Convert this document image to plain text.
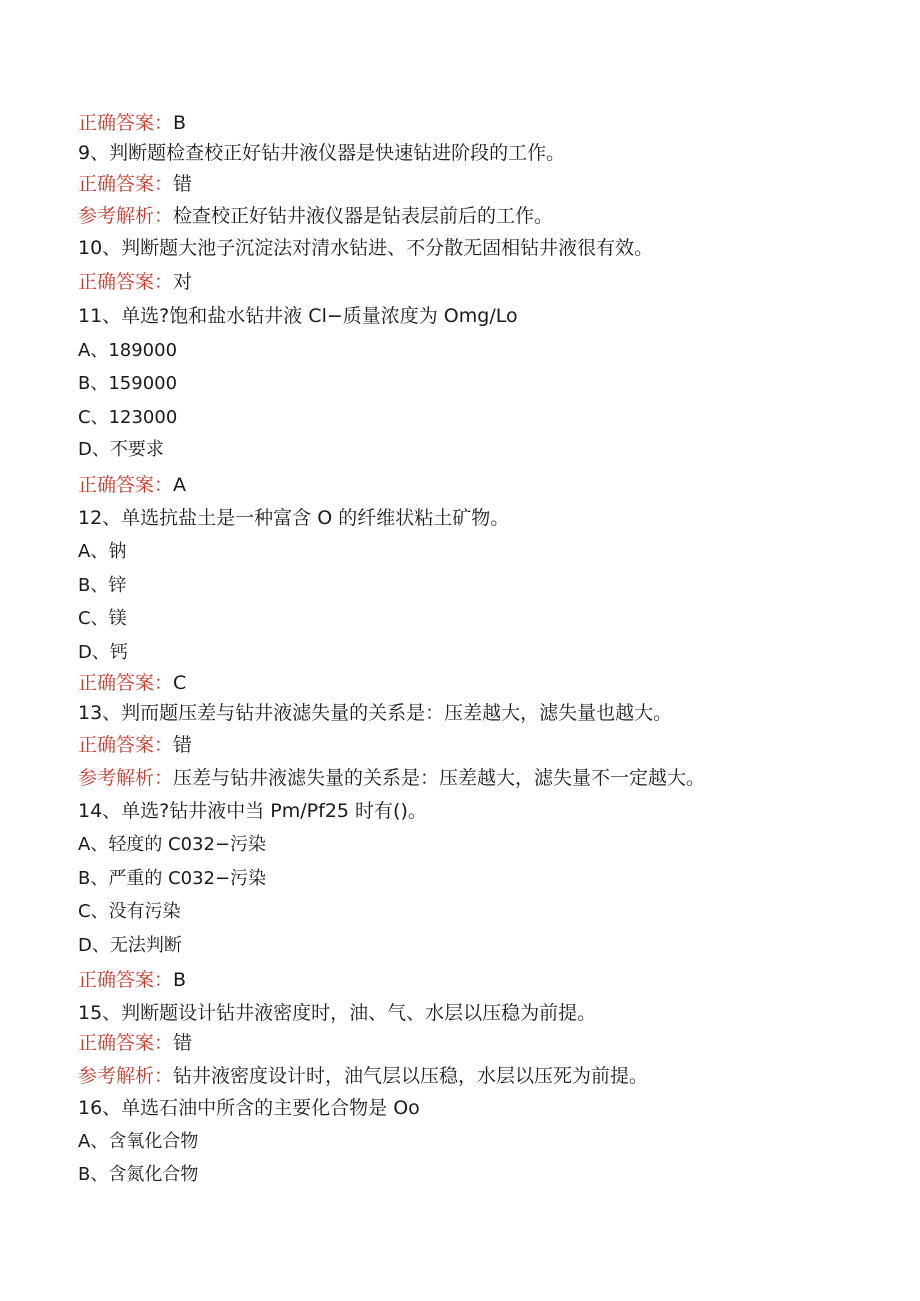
正确答案：B
9、判断题检查校正好钻井液仪器是快速钻进阶段的工作。
正确答案：错
参考解析：检查校正好钻井液仪器是钻表层前后的工作。
10、判断题大池子沉淀法对清水钻进、不分散无固相钻井液很有效。
正确答案：对
11、单选?饱和盐水钻井液 Cl−质量浓度为 Omg/Lo
A、189000
B、159000
C、123000
D、不要求
正确答案：A
12、单选抗盐土是一种富含 O 的纤维状粘土矿物。
A、钠
B、锌
C、镁
D、钙
正确答案：C
13、判而题压差与钻井液滤失量的关系是：压差越大，滤失量也越大。
正确答案：错
参考解析：压差与钻井液滤失量的关系是：压差越大，滤失量不一定越大。
14、单选?钻井液中当 Pm∕Pf25 时有()。
A、轻度的 C032−污染
B、严重的 C032−污染
C、没有污染
D、无法判断
正确答案：B
15、判断题设计钻井液密度时，油、气、水层以压稳为前提。
正确答案：错
参考解析：钻井液密度设计时，油气层以压稳，水层以压死为前提。
16、单选石油中所含的主要化合物是 Oo
A、含氧化合物
B、含氮化合物
